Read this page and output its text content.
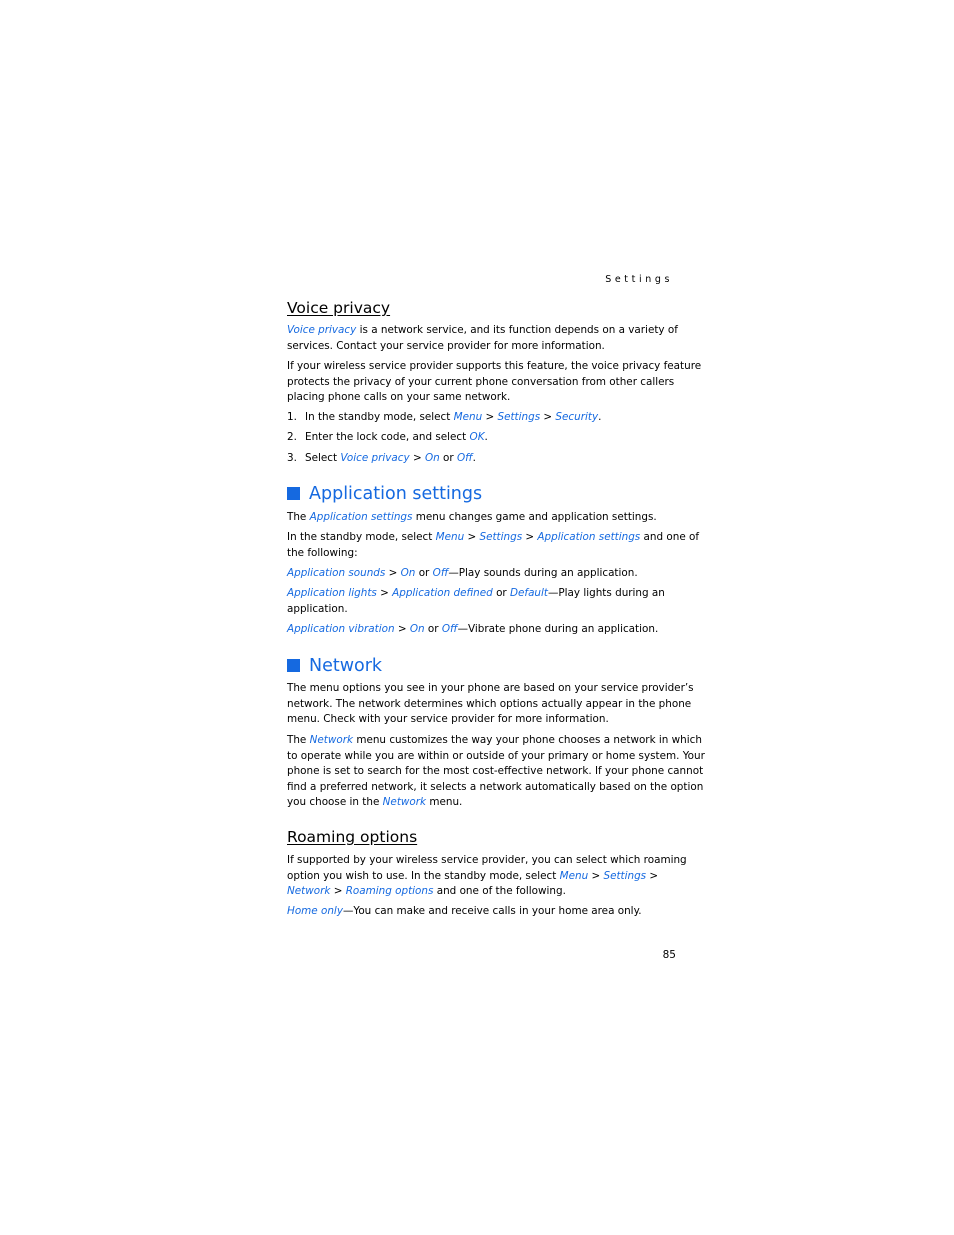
Settings
Voice privacy

Voice privacy is a network service, and its function depends on a variety of
services. Contact your service provider for more information.

If your wireless service provider supports this feature, the voice privacy feature
protects the privacy of your current phone conversation from other callers
placing phone calls on your same network.

1. In the standby mode, select Menu > Settings > Security.
2. Enter the lock code, and select OK.
3. Select Voice privacy > On or Off.
Application settings

The Application settings menu changes game and application settings.

In the standby mode, select Menu > Settings > Application settings and one of
the following:

Application sounds > On or Off—Play sounds during an application.

Application lights > Application defined or Default—Play lights during an
application.

Application vibration > On or Off—Vibrate phone during an application.

Network

The menu options you see in your phone are based on your service provider’s
network. The network determines which options actually appear in the phone
menu. Check with your service provider for more information.

The Network menu customizes the way your phone chooses a network in which
to operate while you are within or outside of your primary or home system. Your
phone is set to search for the most cost-effective network. If your phone cannot
find a preferred network, it selects a network automatically based on the option
you choose in the Network menu.

Roaming options

If supported by your wireless service provider, you can select which roaming
option you wish to use. In the standby mode, select Menu > Settings >
Network > Roaming options and one of the following.

Home only—You can make and receive calls in your home area only.

85
